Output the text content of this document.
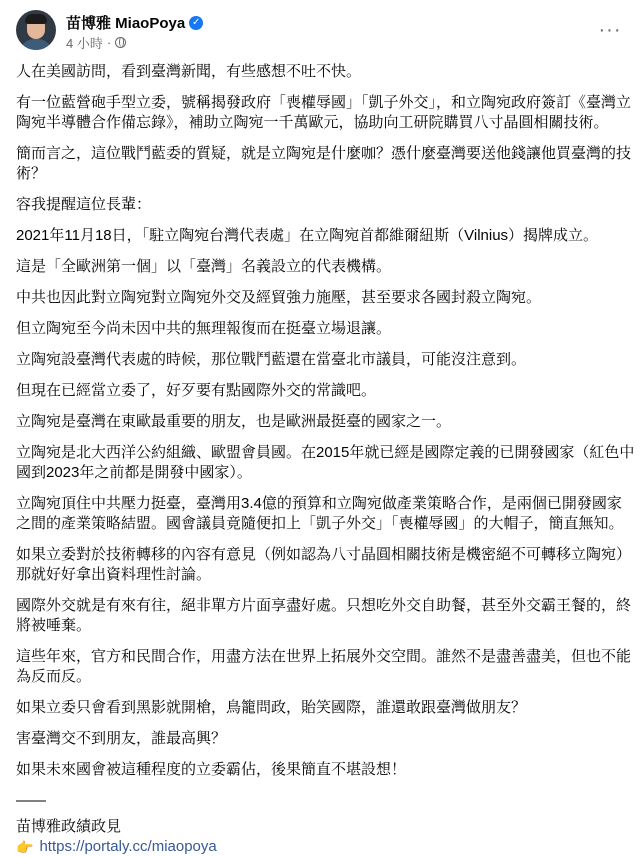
苗博雅 MiaoPoya ✓
4 小時 ·
···

人在美國訪問，看到臺灣新聞，有些感想不吐不快。

有一位藍營砲手型立委，號稱揭發政府「喪權辱國」「凱子外交」，和立陶宛政府簽訂《臺灣立陶宛半導體合作備忘錄》，補助立陶宛一千萬歐元，協助向工研院購買八寸晶圓相關技術。

簡而言之，這位戰鬥藍委的質疑，就是立陶宛是什麼咖？憑什麼臺灣要送他錢讓他買臺灣的技術？

容我提醒這位長輩：

2021年11月18日，「駐立陶宛台灣代表處」在立陶宛首都維爾紐斯（Vilnius）揭牌成立。

這是「全歐洲第一個」以「臺灣」名義設立的代表機構。

中共也因此對立陶宛對立陶宛外交及經貿強力施壓，甚至要求各國封殺立陶宛。

但立陶宛至今尚未因中共的無理報復而在挺臺立場退讓。

立陶宛設臺灣代表處的時候，那位戰鬥藍還在當臺北市議員，可能沒注意到。

但現在已經當立委了，好歹要有點國際外交的常識吧。

立陶宛是臺灣在東歐最重要的朋友，也是歐洲最挺臺的國家之一。

立陶宛是北大西洋公約組織、歐盟會員國。在2015年就已經是國際定義的已開發國家（紅色中國到2023年之前都是開發中國家）。

立陶宛頂住中共壓力挺臺，臺灣用3.4億的預算和立陶宛做產業策略合作，是兩個已開發國家之間的產業策略結盟。國會議員竟隨便扣上「凱子外交」「喪權辱國」的大帽子，簡直無知。

如果立委對於技術轉移的內容有意見（例如認為八寸晶圓相關技術是機密絕不可轉移立陶宛）那就好好拿出資料理性討論。

國際外交就是有來有往，絕非單方片面享盡好處。只想吃外交自助餐，甚至外交霸王餐的，終將被唾棄。

這些年來，官方和民間合作，用盡方法在世界上拓展外交空間。誰然不是盡善盡美，但也不能為反而反。

如果立委只會看到黑影就開槍，鳥籠問政，貽笑國際，誰還敢跟臺灣做朋友？

害臺灣交不到朋友，誰最高興？

如果未來國會被這種程度的立委霸佔，後果簡直不堪設想！

——
苗博雅政績政見
👉 https://portaly.cc/miaopoya
